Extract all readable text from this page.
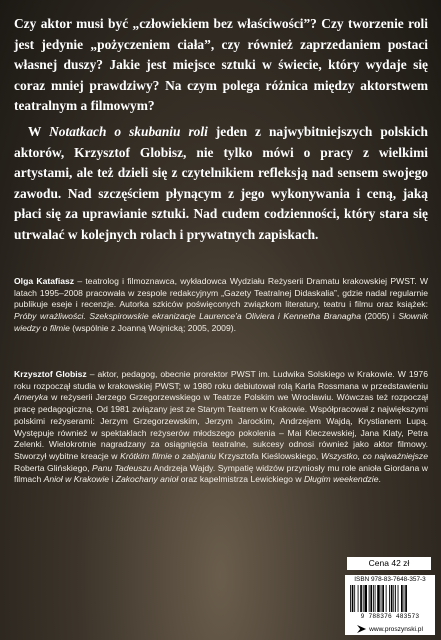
Czy aktor musi być „człowiekiem bez właściwości”? Czy tworzenie roli jest jedynie „pożyczeniem ciała”, czy również zaprzedaniem postaci własnej duszy? Jakie jest miejsce sztuki w świecie, który wydaje się coraz mniej prawdziwy? Na czym polega różnica między aktorstwem teatralnym a filmowym?

W Notatkach o skubaniu roli jeden z najwybitniejszych polskich aktorów, Krzysztof Globisz, nie tylko mówi o pracy z wielkimi artystami, ale też dzieli się z czytelnikiem refleksją nad sensem swojego zawodu. Nad szczęściem płynącym z jego wykonywania i ceną, jaką płaci się za uprawianie sztuki. Nad cudem codzienności, który stara się utrwalać w kolejnych rolach i prywatnych zapiskach.

Olga Katafiasz – teatrolog i filmoznawca, wykładowca Wydziału Reżyserii Dramatu krakowskiej PWST. W latach 1995–2008 pracowała w zespole redakcyjnym „Gazety Teatralnej Didaskalia”, gdzie nadal regularnie publikuje eseje i recenzje. Autorka szkiców poświęconych związkom literatury, teatru i filmu oraz książek: Próby wrażliwości. Szekspirowskie ekranizacje Laurence’a Oliviera i Kennetha Branagha (2005) i Słownik wiedzy o filmie (wspólnie z Joanną Wojnicką; 2005, 2009).

Krzysztof Globisz – aktor, pedagog, obecnie prorektor PWST im. Ludwika Solskiego w Krakowie. W 1976 roku rozpoczął studia w krakowskiej PWST; w 1980 roku debiutował rolą Karla Rossmana w przedstawieniu Ameryka w reżyserii Jerzego Grzegorzewskiego w Teatrze Polskim we Wrocławiu. Wówczas też rozpoczął pracę pedagogiczną. Od 1981 związany jest ze Starym Teatrem w Krakowie. Współpracował z największymi polskimi reżyserami: Jerzym Grzegorzewskim, Jerzym Jarockim, Andrzejem Wajdą, Krystianem Lupą. Występuje również w spektaklach reżyserów młodszego pokolenia – Mai Kleczewskiej, Jana Klaty, Petra Zelenki. Wielokrotnie nagradzany za osiągnięcia teatralne, sukcesy odnosi również jako aktor filmowy. Stworzył wybitne kreacje w Krótkim filmie o zabijaniu Krzysztofa Kieślowskiego, Wszystko, co najważniejsze Roberta Glińskiego, Panu Tadeuszu Andrzeja Wajdy. Sympatię widzów przyniosły mu role anioła Giordana w filmach Anioł w Krakowie i Zakochany anioł oraz kapelmistrza Lewickiego w Długim weekendzie.

Cena 42 zł
ISBN 978-83-7648-357-3
9 788376 483573
www.proszynski.pl
